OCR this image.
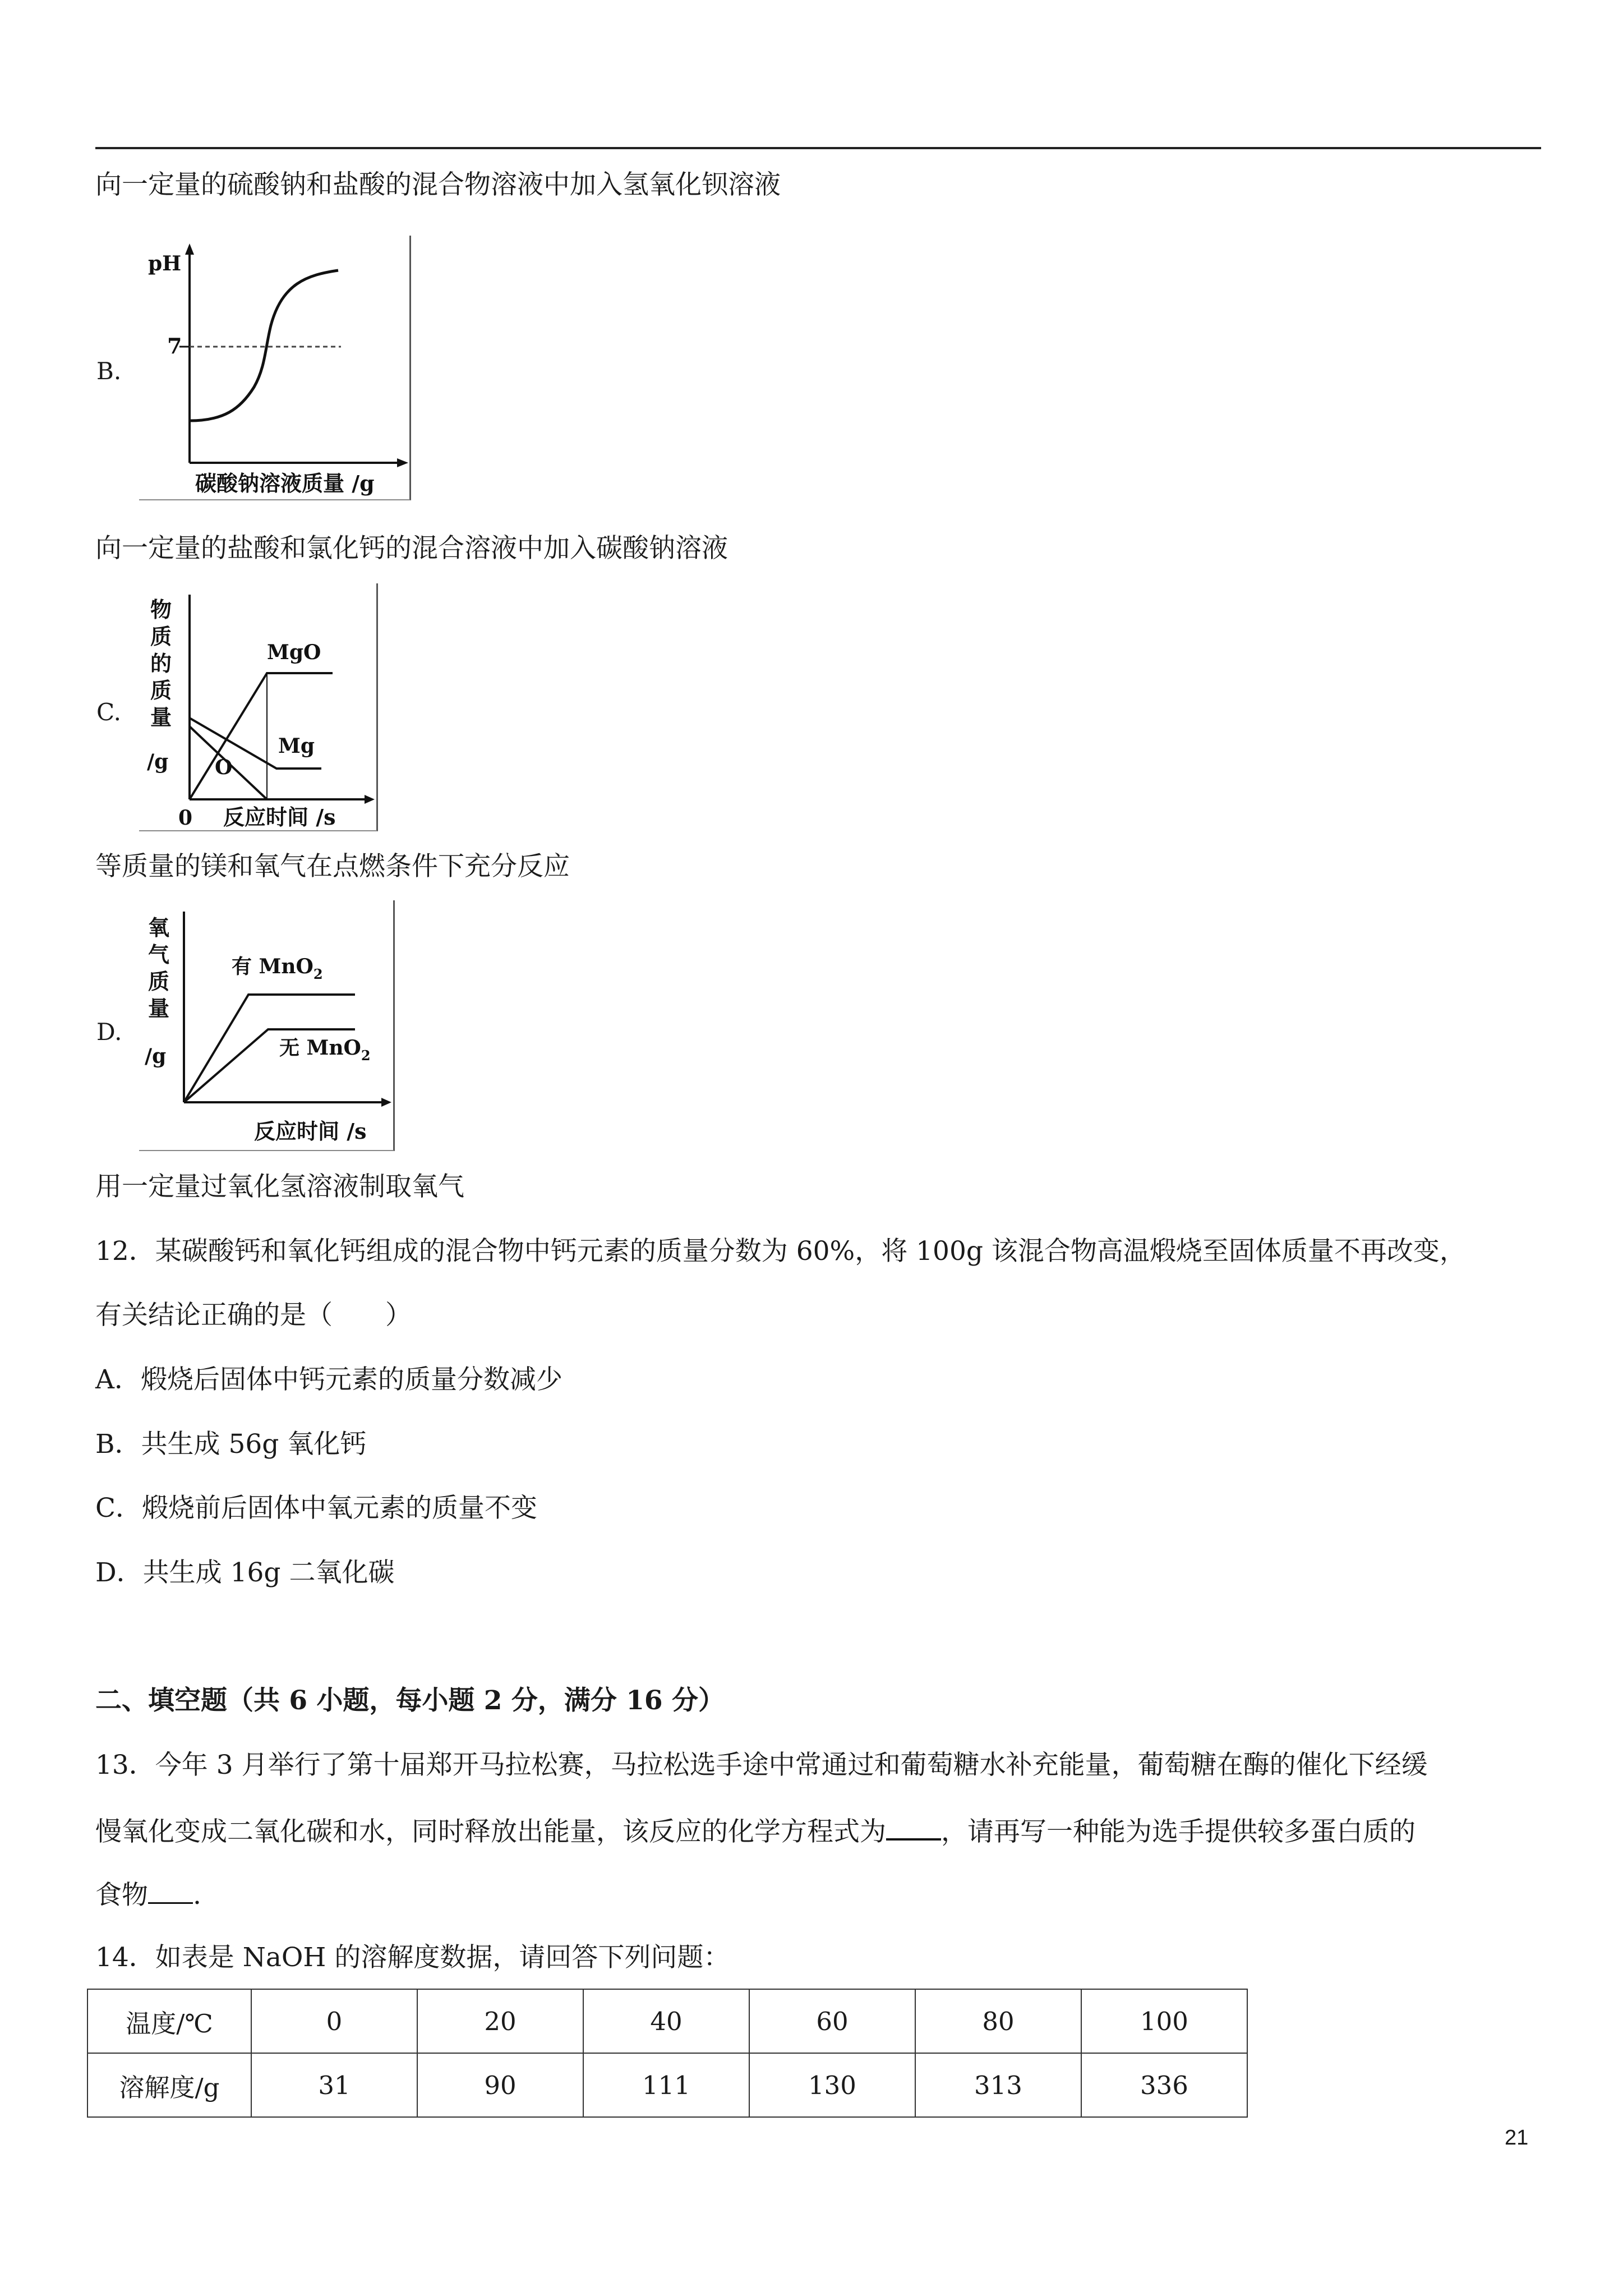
向一定量的硫酸钠和盐酸的混合物溶液中加入氢氧化钡溶液
B.
pH
7
碳酸钠溶液质量 /g
向一定量的盐酸和氯化钙的混合溶液中加入碳酸钠溶液
C.
物
质
的
质
量
/g
0 反应时间 /s
MgO
Mg
O
等质量的镁和氧气在点燃条件下充分反应
D.
氧
气
质
量
/g
有 MnO$_2$
无 MnO$_2$
反应时间 /s
用一定量过氧化氢溶液制取氧气
12．某碳酸钙和氧化钙组成的混合物中钙元素的质量分数为 60%，将 100g 该混合物高温煅烧至固体质量不再改变，
有关结论正确的是（　　）
A．煅烧后固体中钙元素的质量分数减少
B．共生成 56g 氧化钙
C．煅烧前后固体中氧元素的质量不变
D．共生成 16g 二氧化碳
二、填空题（共 6 小题，每小题 2 分，满分 16 分）
13．今年 3 月举行了第十届郑开马拉松赛，马拉松选手途中常通过和葡萄糖水补充能量，葡萄糖在酶的催化下经缓
慢氧化变成二氧化碳和水，同时释放出能量，该反应的化学方程式为 ，请再写一种能为选手提供较多蛋白质的
食物 .
14．如表是 NaOH 的溶解度数据，请回答下列问题：
温度/℃	0	20	40	60	80	100
溶解度/g	31	90	111	130	313	336
21
